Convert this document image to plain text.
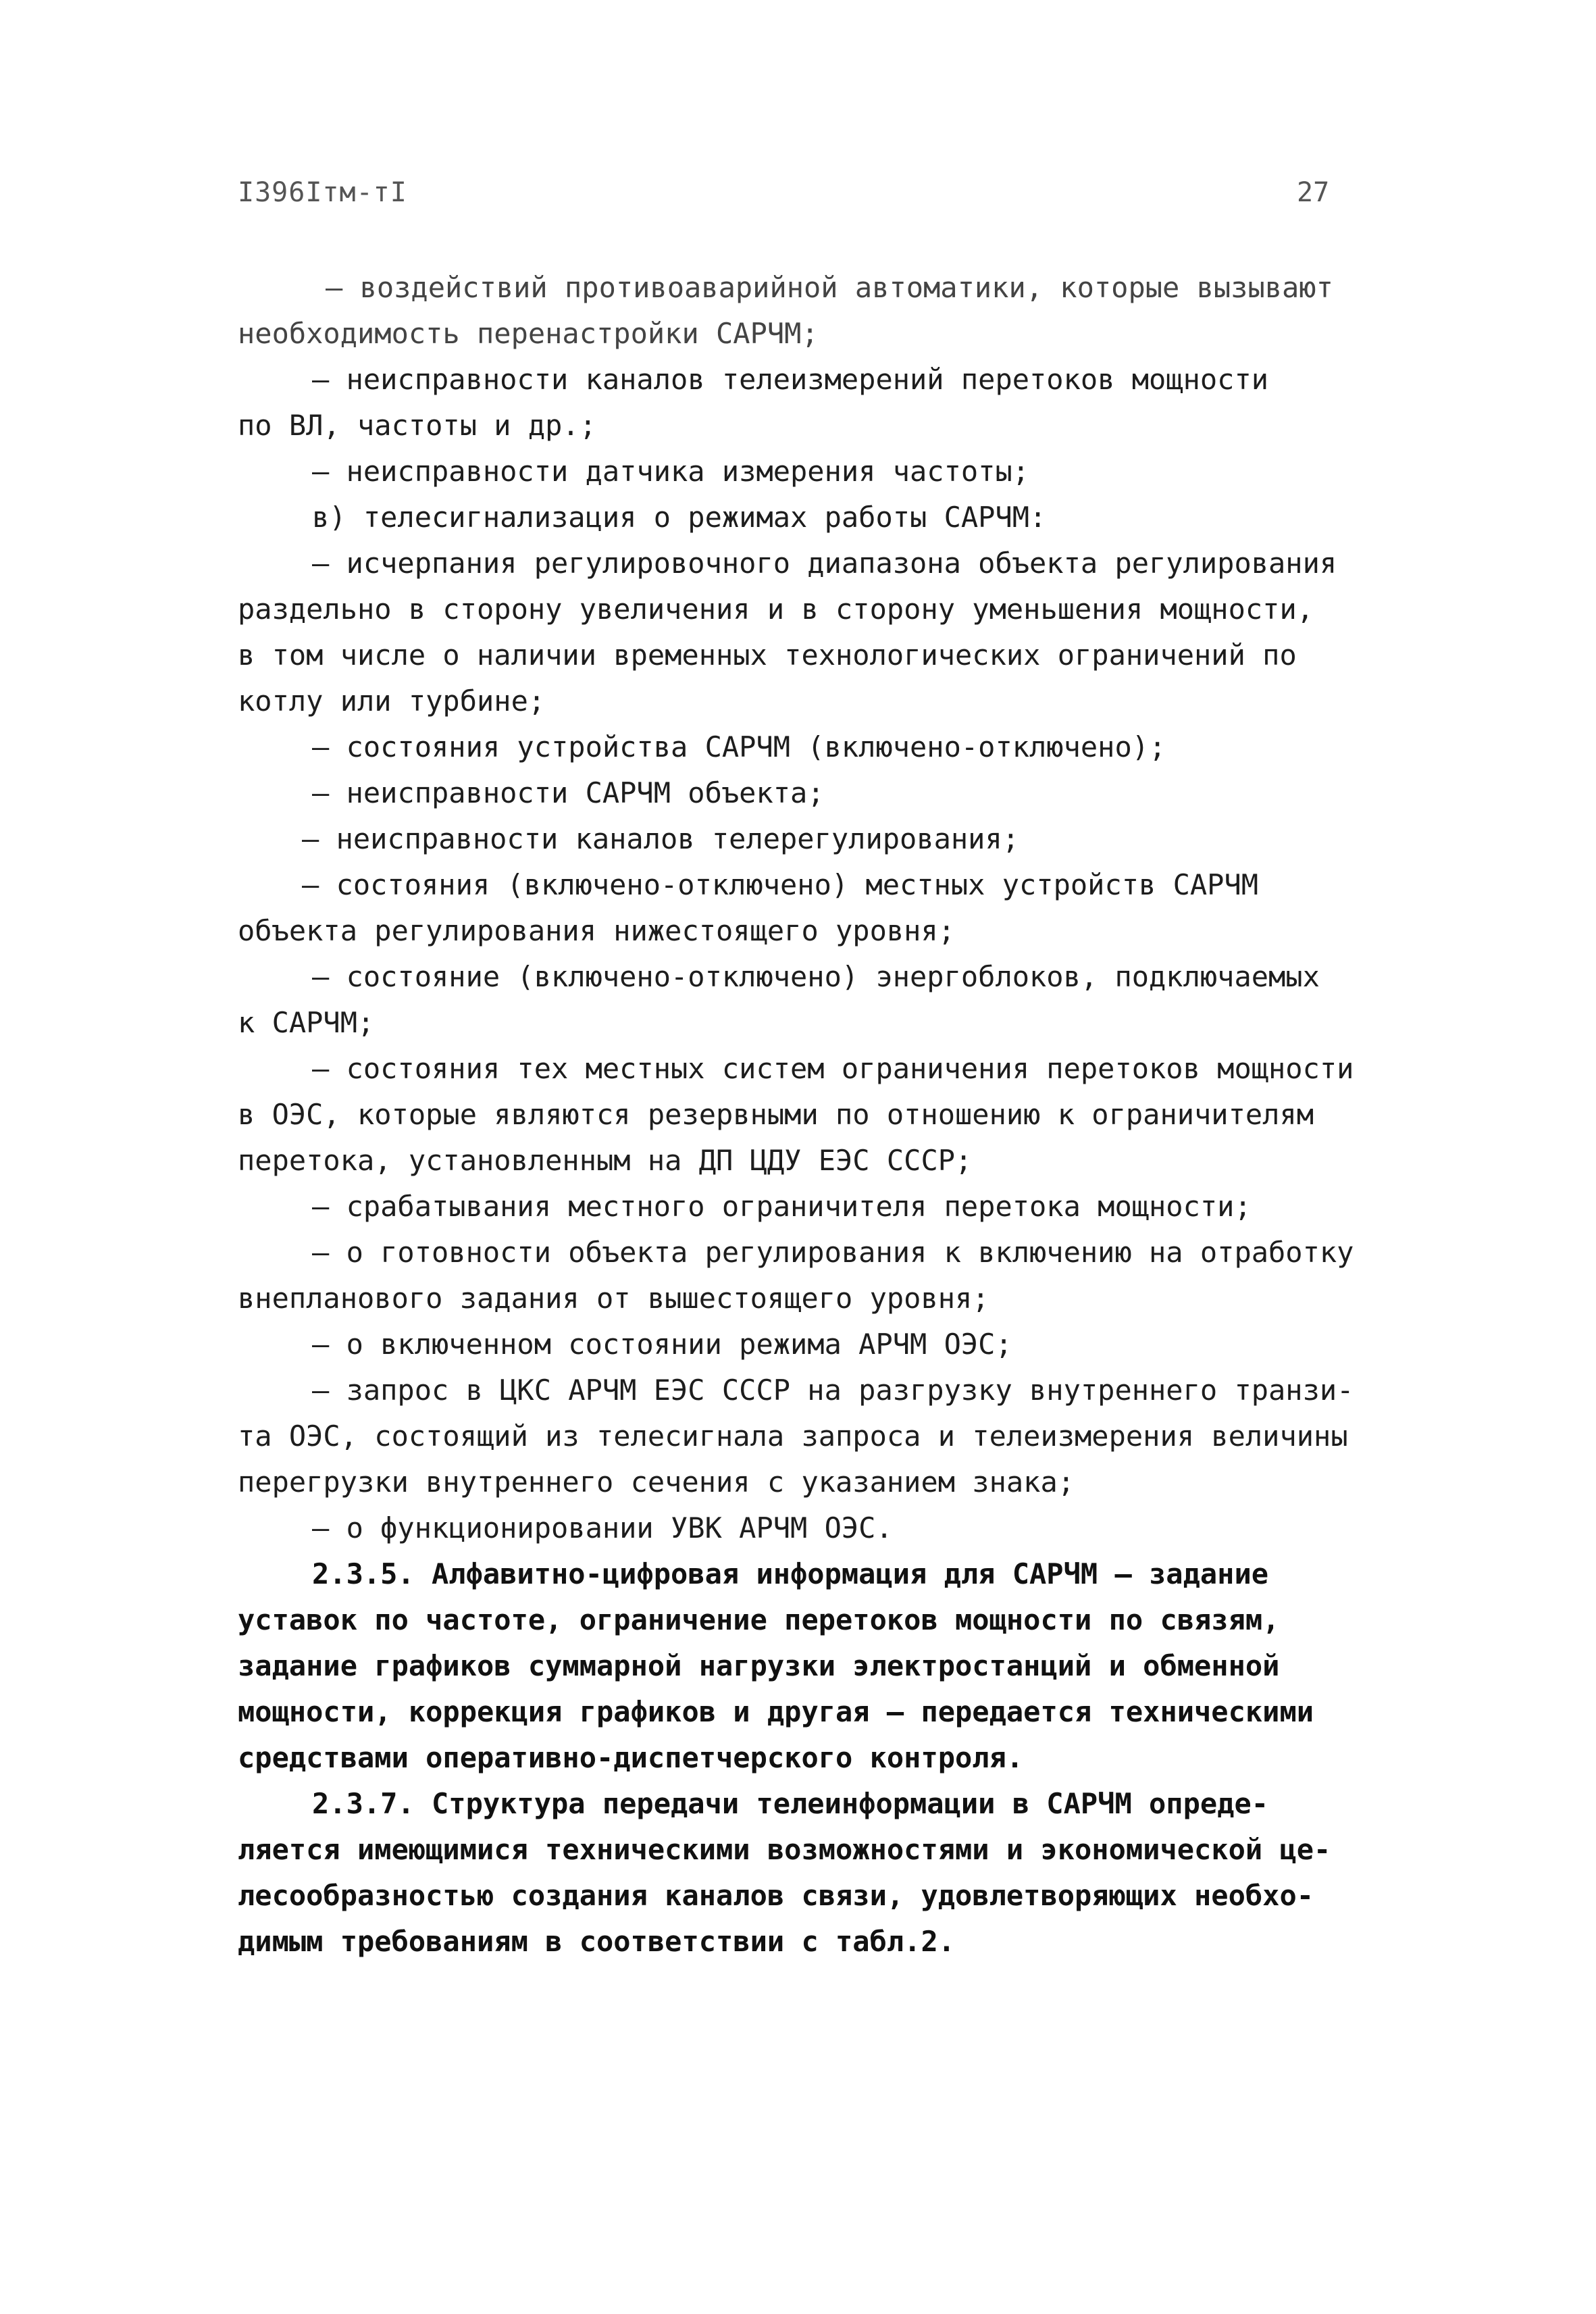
I396Iтм-тI	27
– воздействий противоаварийной автоматики, которые вызывают
необходимость перенастройки САРЧМ;
– неисправности каналов телеизмерений перетоков мощности
по ВЛ, частоты и др.;
– неисправности датчика измерения частоты;
в) телесигнализация о режимах работы САРЧМ:
– исчерпания регулировочного диапазона объекта регулирования
раздельно в сторону увеличения и в сторону уменьшения мощности,
в том числе о наличии временных технологических ограничений по
котлу или турбине;
– состояния устройства САРЧМ (включено-отключено);
– неисправности САРЧМ объекта;
– неисправности каналов телерегулирования;
– состояния (включено-отключено) местных устройств САРЧМ
объекта регулирования нижестоящего уровня;
– состояние (включено-отключено) энергоблоков, подключаемых
к САРЧМ;
– состояния тех местных систем ограничения перетоков мощности
в ОЭС, которые являются резервными по отношению к ограничителям
перетока, установленным на ДП ЦДУ ЕЭС СССР;
– срабатывания местного ограничителя перетока мощности;
– о готовности объекта регулирования к включению на отработку
внепланового задания от вышестоящего уровня;
– о включенном состоянии режима АРЧМ ОЭС;
– запрос в ЦКС АРЧМ ЕЭС СССР на разгрузку внутреннего транзи-
та ОЭС, состоящий из телесигнала запроса и телеизмерения величины
перегрузки внутреннего сечения с указанием знака;
– о функционировании УВК АРЧМ ОЭС.
2.3.5. Алфавитно-цифровая информация для САРЧМ – задание
уставок по частоте, ограничение перетоков мощности по связям,
задание графиков суммарной нагрузки электростанций и обменной
мощности, коррекция графиков и другая – передается техническими
средствами оперативно-диспетчерского контроля.
2.3.7. Структура передачи телеинформации в САРЧМ опреде-
ляется имеющимися техническими возможностями и экономической це-
лесообразностью создания каналов связи, удовлетворяющих необхо-
димым требованиям в соответствии с табл.2.
